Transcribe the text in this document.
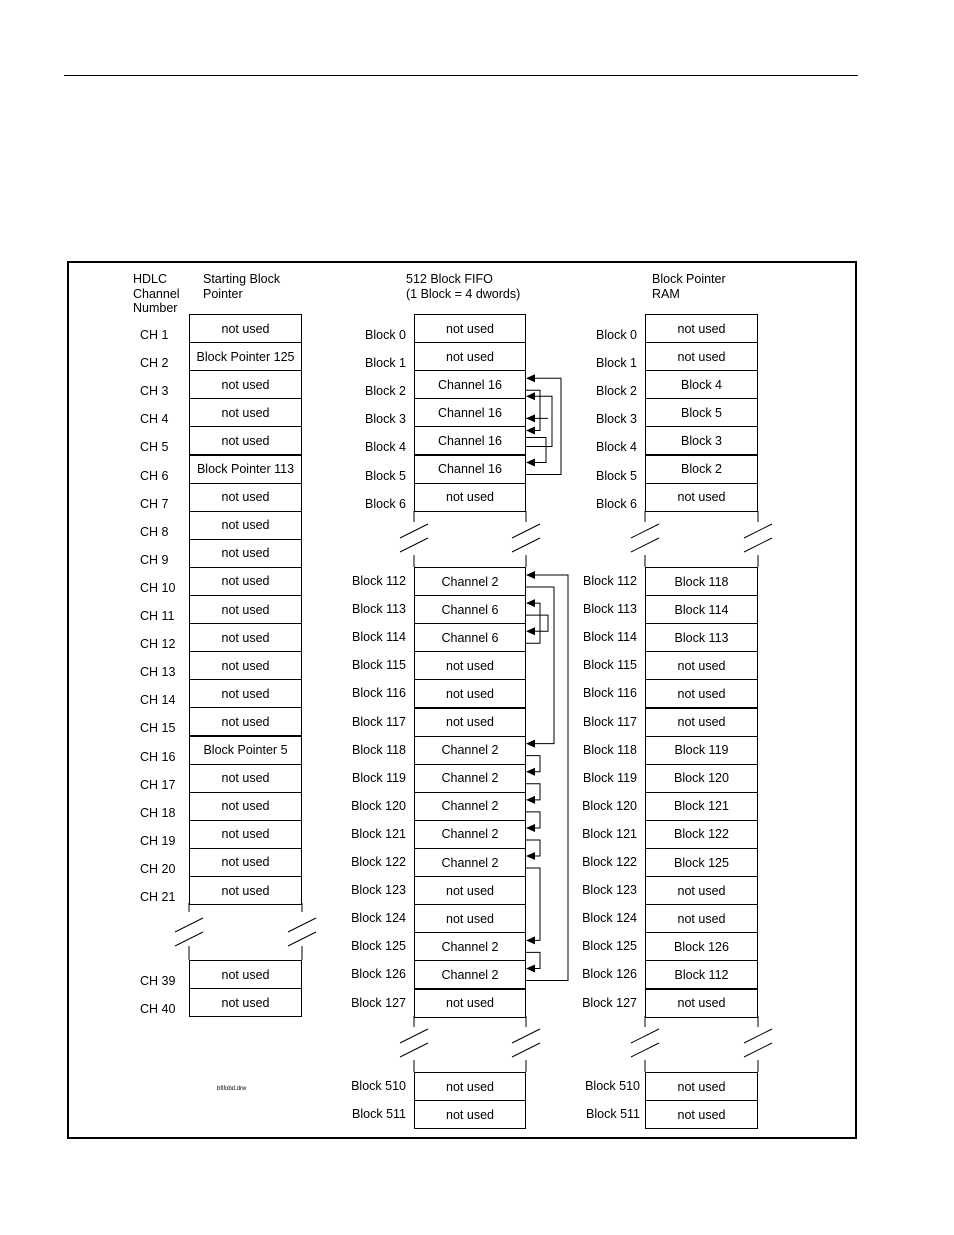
HDLC
Channel
Number
Starting Block
Pointer
512 Block FIFO
(1 Block = 4 dwords)
Block Pointer
RAM
not used
CH 1
Block Pointer 125
CH 2
not used
CH 3
not used
CH 4
not used
CH 5
Block Pointer 113
CH 6
not used
CH 7
not used
CH 8
not used
CH 9
not used
CH 10
not used
CH 11
not used
CH 12
not used
CH 13
not used
CH 14
not used
CH 15
Block Pointer 5
CH 16
not used
CH 17
not used
CH 18
not used
CH 19
not used
CH 20
not used
CH 21
not used
CH 39
not used
CH 40
not used
Block 0
not used
Block 1
Channel 16
Block 2
Channel 16
Block 3
Channel 16
Block 4
Channel 16
Block 5
not used
Block 6
Channel 2
Block 112
Channel 6
Block 113
Channel 6
Block 114
not used
Block 115
not used
Block 116
not used
Block 117
Channel 2
Block 118
Channel 2
Block 119
Channel 2
Block 120
Channel 2
Block 121
Channel 2
Block 122
not used
Block 123
not used
Block 124
Channel 2
Block 125
Channel 2
Block 126
not used
Block 127
not used
Block 510
not used
Block 511
not used
Block 0
not used
Block 1
Block 4
Block 2
Block 5
Block 3
Block 3
Block 4
Block 2
Block 5
not used
Block 6
Block 118
Block 112
Block 114
Block 113
Block 113
Block 114
not used
Block 115
not used
Block 116
not used
Block 117
Block 119
Block 118
Block 120
Block 119
Block 121
Block 120
Block 122
Block 121
Block 125
Block 122
not used
Block 123
not used
Block 124
Block 126
Block 125
Block 112
Block 126
not used
Block 127
not used
Block 510
not used
Block 511
bfifobd.drw
